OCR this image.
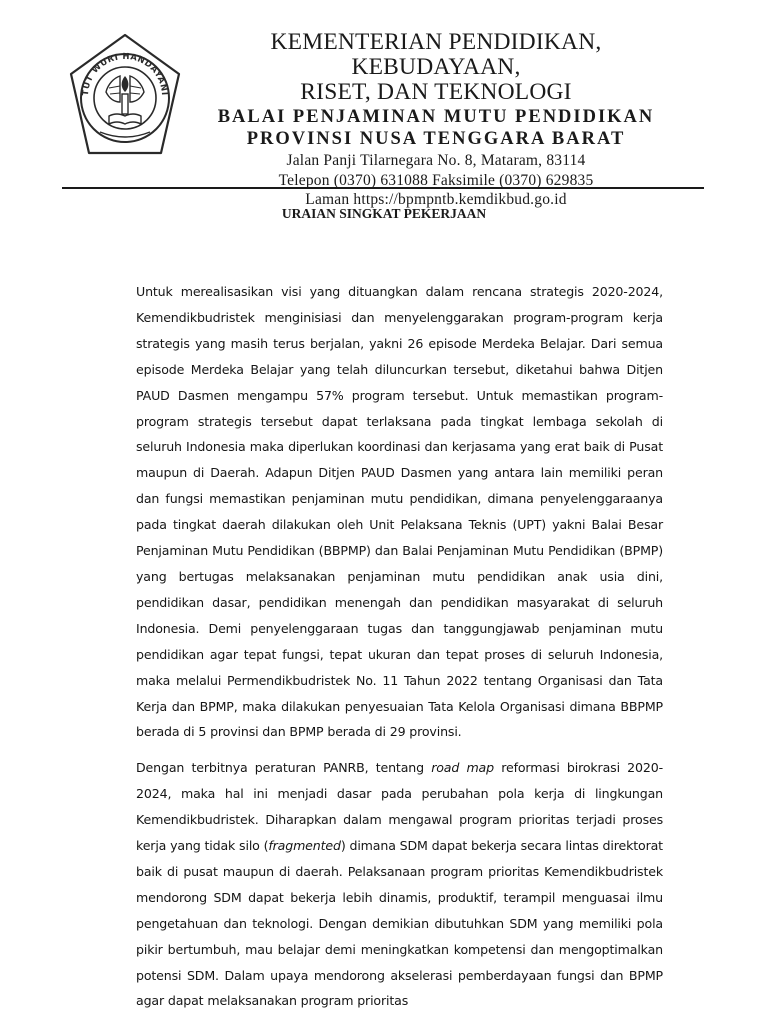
TUT WURI HANDAYANI
KEMENTERIAN PENDIDIKAN, KEBUDAYAAN,
RISET, DAN TEKNOLOGI
BALAI PENJAMINAN MUTU PENDIDIKAN
PROVINSI NUSA TENGGARA BARAT
Jalan Panji Tilarnegara No. 8, Mataram, 83114
Telepon (0370) 631088 Faksimile (0370) 629835
Laman https://bpmpntb.kemdikbud.go.id
URAIAN SINGKAT PEKERJAAN

Untuk merealisasikan visi yang dituangkan dalam rencana strategis 2020-2024, Kemendikbudristek menginisiasi dan menyelenggarakan program-program kerja strategis yang masih terus berjalan, yakni 26 episode Merdeka Belajar. Dari semua episode Merdeka Belajar yang telah diluncurkan tersebut, diketahui bahwa Ditjen PAUD Dasmen mengampu 57% program tersebut. Untuk memastikan program-program strategis tersebut dapat terlaksana pada tingkat lembaga sekolah di seluruh Indonesia maka diperlukan koordinasi dan kerjasama yang erat baik di Pusat maupun di Daerah. Adapun Ditjen PAUD Dasmen yang antara lain memiliki peran dan fungsi memastikan penjaminan mutu pendidikan, dimana penyelenggaraanya pada tingkat daerah dilakukan oleh Unit Pelaksana Teknis (UPT) yakni Balai Besar Penjaminan Mutu Pendidikan (BBPMP) dan Balai Penjaminan Mutu Pendidikan (BPMP) yang bertugas melaksanakan penjaminan mutu pendidikan anak usia dini, pendidikan dasar, pendidikan menengah dan pendidikan masyarakat di seluruh Indonesia. Demi penyelenggaraan tugas dan tanggungjawab penjaminan mutu pendidikan agar tepat fungsi, tepat ukuran dan tepat proses di seluruh Indonesia, maka melalui Permendikbudristek No. 11 Tahun 2022 tentang Organisasi dan Tata Kerja dan BPMP, maka dilakukan penyesuaian Tata Kelola Organisasi dimana BBPMP berada di 5 provinsi dan BPMP berada di 29 provinsi.

Dengan terbitnya peraturan PANRB, tentang road map reformasi birokrasi 2020-2024, maka hal ini menjadi dasar pada perubahan pola kerja di lingkungan Kemendikbudristek. Diharapkan dalam mengawal program prioritas terjadi proses kerja yang tidak silo (fragmented) dimana SDM dapat bekerja secara lintas direktorat baik di pusat maupun di daerah. Pelaksanaan program prioritas Kemendikbudristek mendorong SDM dapat bekerja lebih dinamis, produktif, terampil menguasai ilmu pengetahuan dan teknologi. Dengan demikian dibutuhkan SDM yang memiliki pola pikir bertumbuh, mau belajar demi meningkatkan kompetensi dan mengoptimalkan potensi SDM. Dalam upaya mendorong akselerasi pemberdayaan fungsi dan BPMP agar dapat melaksanakan program prioritas
